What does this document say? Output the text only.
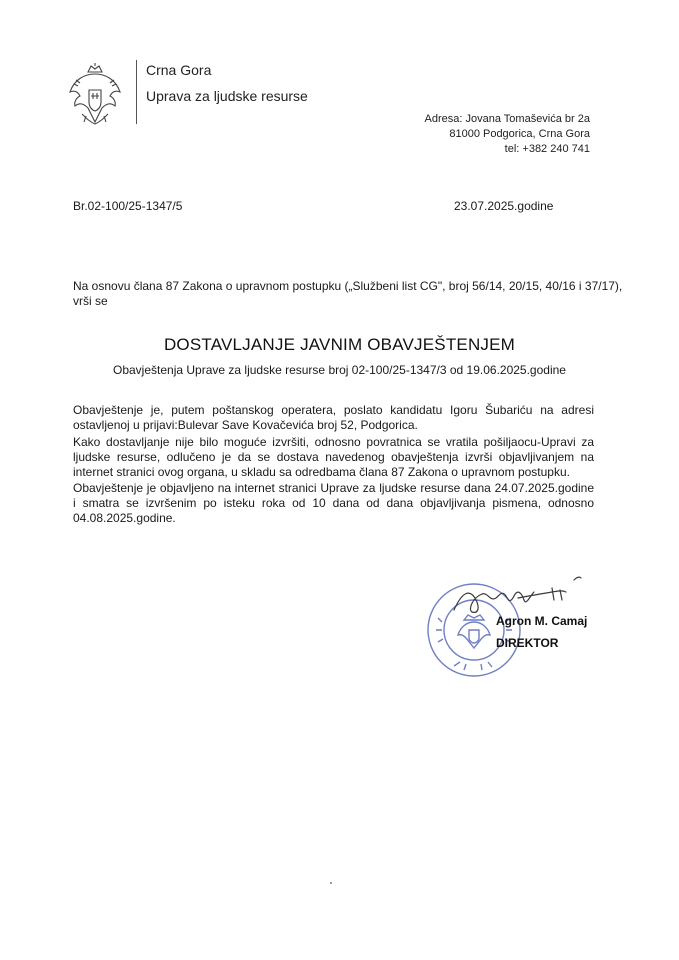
Crna Gora
Uprava za ljudske resurse
Adresa: Jovana Tomaševića br 2a
81000 Podgorica, Crna Gora
tel: +382 240 741
Br.02-100/25-1347/5	23.07.2025.godine
Na osnovu člana 87 Zakona o upravnom postupku („Službeni list CG", broj 56/14, 20/15, 40/16 i 37/17),
vrši se
DOSTAVLJANJE JAVNIM OBAVJEŠTENJEM
Obavještenja Uprave za ljudske resurse broj 02-100/25-1347/3 od 19.06.2025.godine
Obavještenje je, putem poštanskog operatera, poslato kandidatu Igoru Šubariću na adresi ostavljenoj u prijavi:Bulevar Save Kovačevića broj 52, Podgorica.
Kako dostavljanje nije bilo moguće izvršiti, odnosno povratnica se vratila pošiljaocu-Upravi za ljudske resurse, odlučeno je da se dostava navedenog obavještenja izvrši objavljivanjem na internet stranici ovog organa, u skladu sa odredbama člana 87 Zakona o upravnom postupku.
Obavještenje je objavljeno na internet stranici Uprave za ljudske resurse dana 24.07.2025.godine i smatra se izvršenim po isteku roka od 10 dana od dana objavljivanja pismena, odnosno 04.08.2025.godine.
Agron M. Camaj
DIREKTOR
